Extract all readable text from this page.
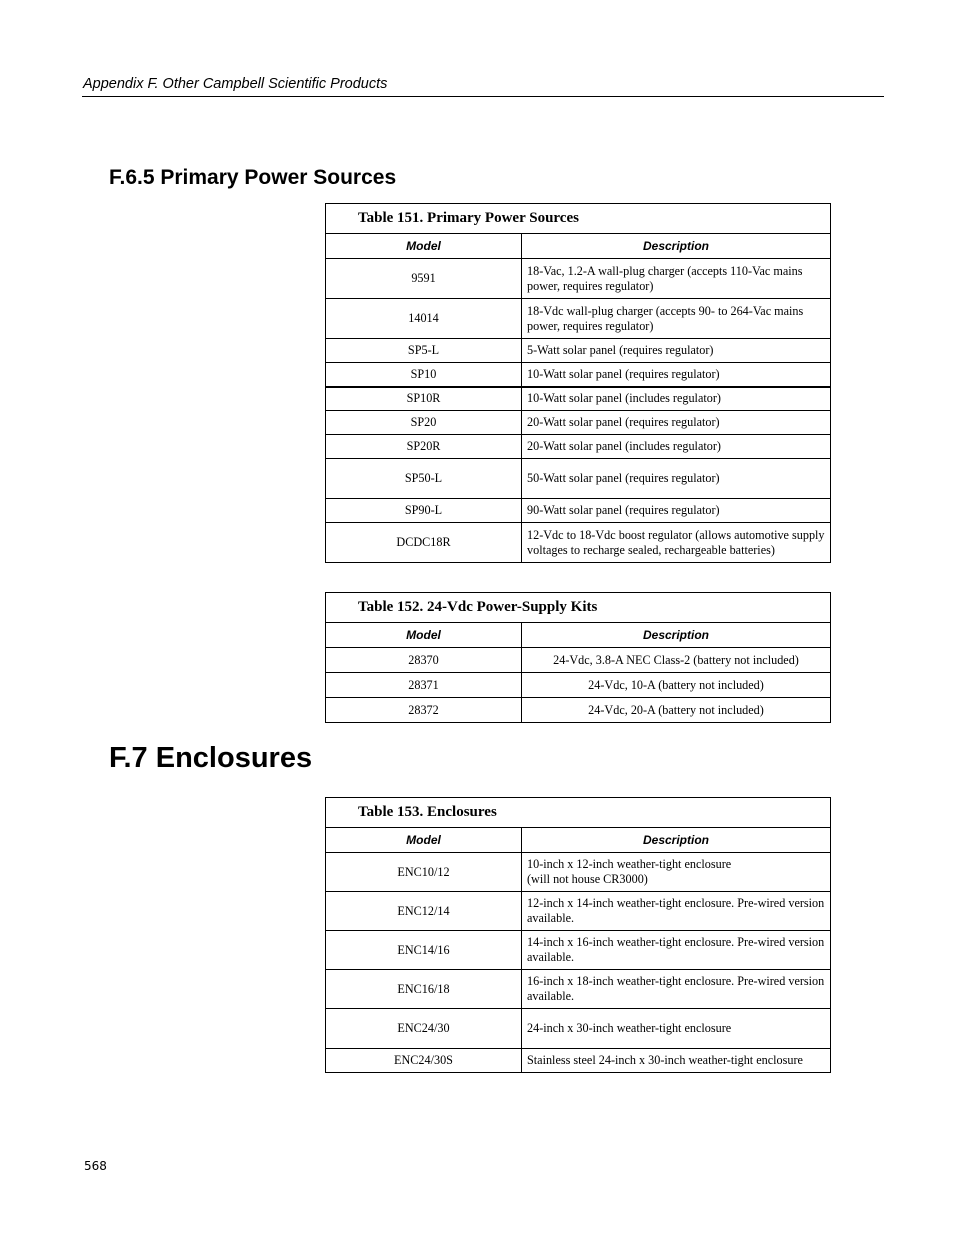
Appendix F. Other Campbell Scientific Products
F.6.5 Primary Power Sources
Table 151. Primary Power Sources	
Model	Description
9591	18-Vac, 1.2-A wall-plug charger (accepts 110-Vac mains power, requires regulator)
14014	18-Vdc wall-plug charger (accepts 90- to 264-Vac mains power, requires regulator)
SP5-L	5-Watt solar panel (requires regulator)
SP10	10-Watt solar panel (requires regulator)
SP10R	10-Watt solar panel (includes regulator)
SP20	20-Watt solar panel (requires regulator)
SP20R	20-Watt solar panel (includes regulator)
SP50-L	50-Watt solar panel (requires regulator)
SP90-L	90-Watt solar panel (requires regulator)
DCDC18R	12-Vdc to 18-Vdc boost regulator (allows automotive supply voltages to recharge sealed, rechargeable batteries)
Table 152. 24-Vdc Power-Supply Kits	
Model	Description
28370	24-Vdc, 3.8-A NEC Class-2 (battery not included)
28371	24-Vdc, 10-A (battery not included)
28372	24-Vdc, 20-A (battery not included)
F.7 Enclosures
Table 153. Enclosures	
Model	Description
ENC10/12	10-inch x 12-inch weather-tight enclosure
(will not house CR3000)
ENC12/14	12-inch x 14-inch weather-tight enclosure. Pre-wired version available.
ENC14/16	14-inch x 16-inch weather-tight enclosure. Pre-wired version available.
ENC16/18	16-inch x 18-inch weather-tight enclosure. Pre-wired version available.
ENC24/30	24-inch x 30-inch weather-tight enclosure
ENC24/30S	Stainless steel 24-inch x 30-inch weather-tight enclosure
568
